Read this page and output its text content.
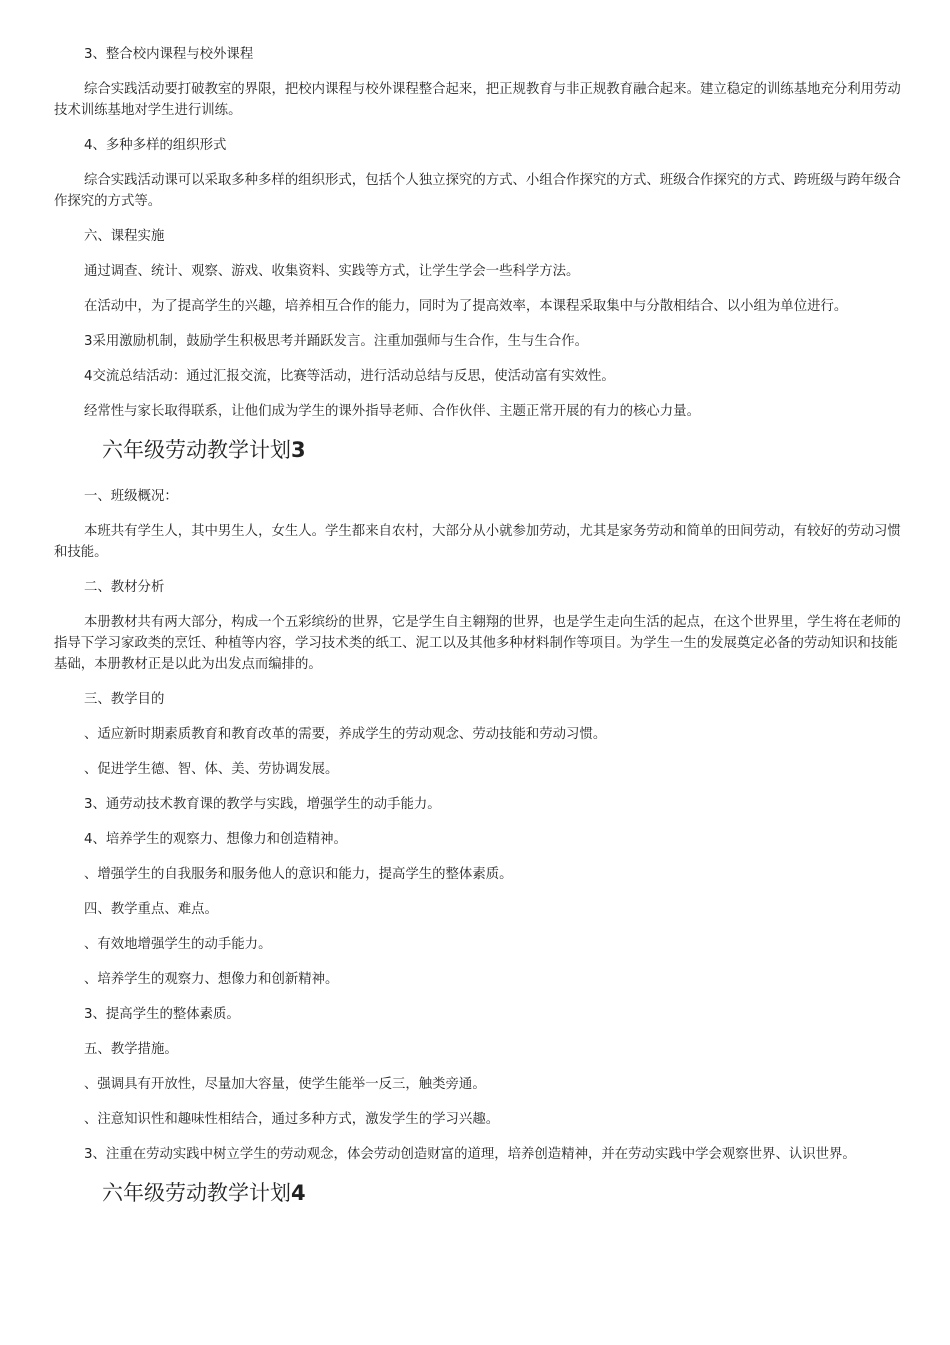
3、整合校内课程与校外课程

综合实践活动要打破教室的界限，把校内课程与校外课程整合起来，把正规教育与非正规教育融合起来。建立稳定的训练基地充分利用劳动技术训练基地对学生进行训练。

4、多种多样的组织形式

综合实践活动课可以采取多种多样的组织形式，包括个人独立探究的方式、小组合作探究的方式、班级合作探究的方式、跨班级与跨年级合作探究的方式等。

六、课程实施

通过调查、统计、观察、游戏、收集资料、实践等方式，让学生学会一些科学方法。

在活动中，为了提高学生的兴趣，培养相互合作的能力，同时为了提高效率，本课程采取集中与分散相结合、以小组为单位进行。

3采用激励机制，鼓励学生积极思考并踊跃发言。注重加强师与生合作，生与生合作。

4交流总结活动：通过汇报交流，比赛等活动，进行活动总结与反思，使活动富有实效性。

经常性与家长取得联系，让他们成为学生的课外指导老师、合作伙伴、主题正常开展的有力的核心力量。

六年级劳动教学计划3

一、班级概况：

本班共有学生人，其中男生人，女生人。学生都来自农村，大部分从小就参加劳动，尤其是家务劳动和简单的田间劳动，有较好的劳动习惯和技能。

二、教材分析

本册教材共有两大部分，构成一个五彩缤纷的世界，它是学生自主翱翔的世界，也是学生走向生活的起点，在这个世界里，学生将在老师的指导下学习家政类的烹饪、种植等内容，学习技术类的纸工、泥工以及其他多种材料制作等项目。为学生一生的发展奠定必备的劳动知识和技能基础，本册教材正是以此为出发点而编排的。

三、教学目的

、适应新时期素质教育和教育改革的需要，养成学生的劳动观念、劳动技能和劳动习惯。

、促进学生德、智、体、美、劳协调发展。

3、通劳动技术教育课的教学与实践，增强学生的动手能力。

4、培养学生的观察力、想像力和创造精神。

、增强学生的自我服务和服务他人的意识和能力，提高学生的整体素质。

四、教学重点、难点。

、有效地增强学生的动手能力。

、培养学生的观察力、想像力和创新精神。

3、提高学生的整体素质。

五、教学措施。

、强调具有开放性，尽量加大容量，使学生能举一反三，触类旁通。

、注意知识性和趣味性相结合，通过多种方式，激发学生的学习兴趣。

3、注重在劳动实践中树立学生的劳动观念，体会劳动创造财富的道理，培养创造精神，并在劳动实践中学会观察世界、认识世界。

六年级劳动教学计划4
